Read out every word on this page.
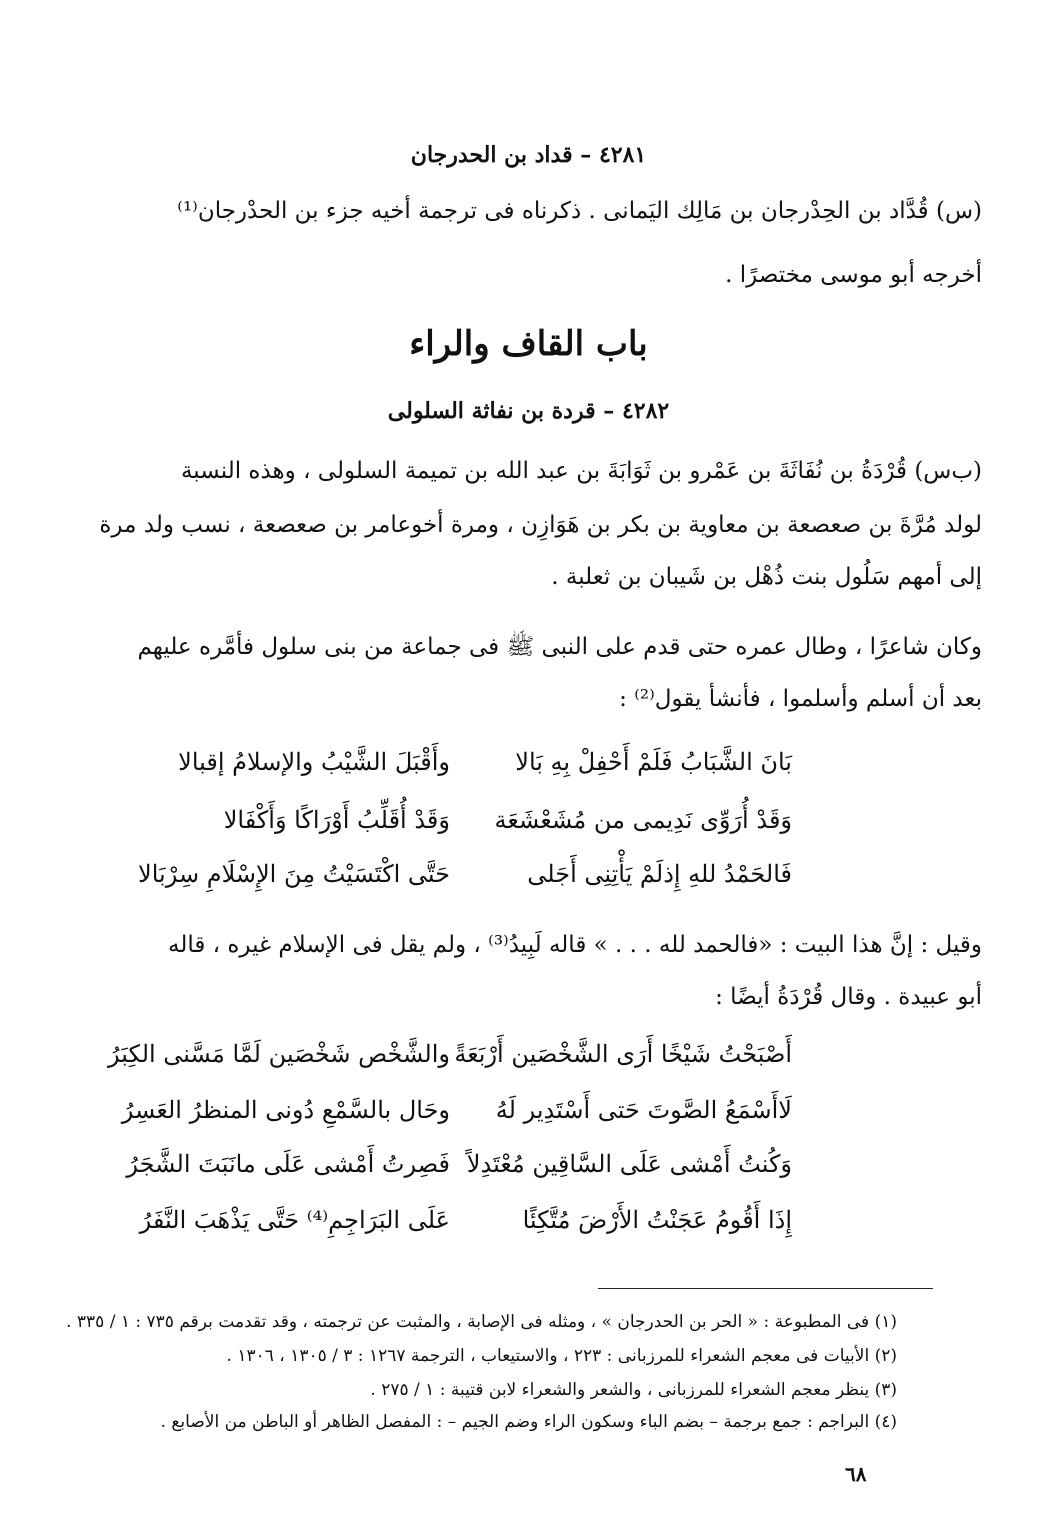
٤٢٨١ – قداد بن الحدرجان
(س) قُدَّاد بن الحِدْرجان بن مَالِك اليَمانى . ذكرناه فى ترجمة أخيه جزء بن الحدْرجان⁽¹⁾
أخرجه أبو موسى مختصرًا .
باب القاف والراء
٤٢٨٢ – قردة بن نفاثة السلولى
(ب‌س) قُرْدَةُ بن نُفَاثَةَ بن عَمْرو بن ثَوَابَةَ بن عبد الله بن تميمة السلولى ، وهذه النسبة
لولد مُرَّةَ بن صعصعة بن معاوية بن بكر بن هَوَازِن ، ومرة أخوعامر بن صعصعة ، نسب ولد مرة
إلى أمهم سَلُول بنت ذُهْل بن شَيبان بن ثعلبة .
وكان شاعرًا ، وطال عمره حتى قدم على النبى ﷺ فى جماعة من بنى سلول فأمَّره عليهم
بعد أن أسلم وأسلموا ، فأنشأ يقول⁽²⁾ :
بَانَ الشَّبَابُ فَلَمْ أَحْفِلْ بِهِ بَالا
وأَقْبَلَ الشَّيْبُ والإسلامُ إقبالا
وَقَدْ أُرَوِّى نَدِيمى من مُشَعْشَعَة
وَقَدْ أُقَلِّبُ أَوْرَاكًا وَأَكْفَالا
فَالحَمْدُ للهِ إِذلَمْ يَأْتِنِى أَجَلى
حَتَّى اكْتَسَيْتُ مِنَ الإِسْلَامِ سِرْبَالا
وقيل : إنَّ هذا البيت : «فالحمد لله . . . » قاله لَبِيدُ⁽³⁾ ، ولم يقل فى الإسلام غيره ، قاله
أبو عبيدة . وقال قُرْدَةُ أيضًا :
أَصْبَحْتُ شَيْخًا أَرَى الشَّخْصَين أَرْبَعَةً
والشَّخْص شَخْصَين لَمَّا مَسَّنى الكِبَرُ
لَاأَسْمَعُ الصَّوتَ حَتى أَسْتَدِير لَهُ
وحَال بالسَّمْعِ دُونى المنظرُ العَسِرُ
وَكُنتُ أَمْشى عَلَى السَّاقِين مُعْتَدِلاً
فَصِرتُ أَمْشى عَلَى مانَبَتَ الشَّجَرُ
إِذَا أَقُومُ عَجَنْتُ الأَرْضَ مُتَّكِئًا
عَلَى البَرَاجِمِ⁽⁴⁾ حَتَّى يَذْهَبَ النَّفَرُ
(١) فى المطبوعة : « الحر بن الحدرجان » ، ومثله فى الإصابة ، والمثبت عن ترجمته ، وقد تقدمت برقم ٧٣٥ : ١ / ٣٣٥ .
(٢) الأبيات فى معجم الشعراء للمرزبانى : ٢٢٣ ، والاستيعاب ، الترجمة ١٢٦٧ : ٣ / ١٣٠٥ ، ١٣٠٦ .
(٣) ينظر معجم الشعراء للمرزبانى ، والشعر والشعراء لابن قتيبة : ١ / ٢٧٥ .
(٤) البراجم : جمع برجمة – بضم الباء وسكون الراء وضم الجيم – : المفصل الظاهر أو الباطن من الأصابع .
٦٨
